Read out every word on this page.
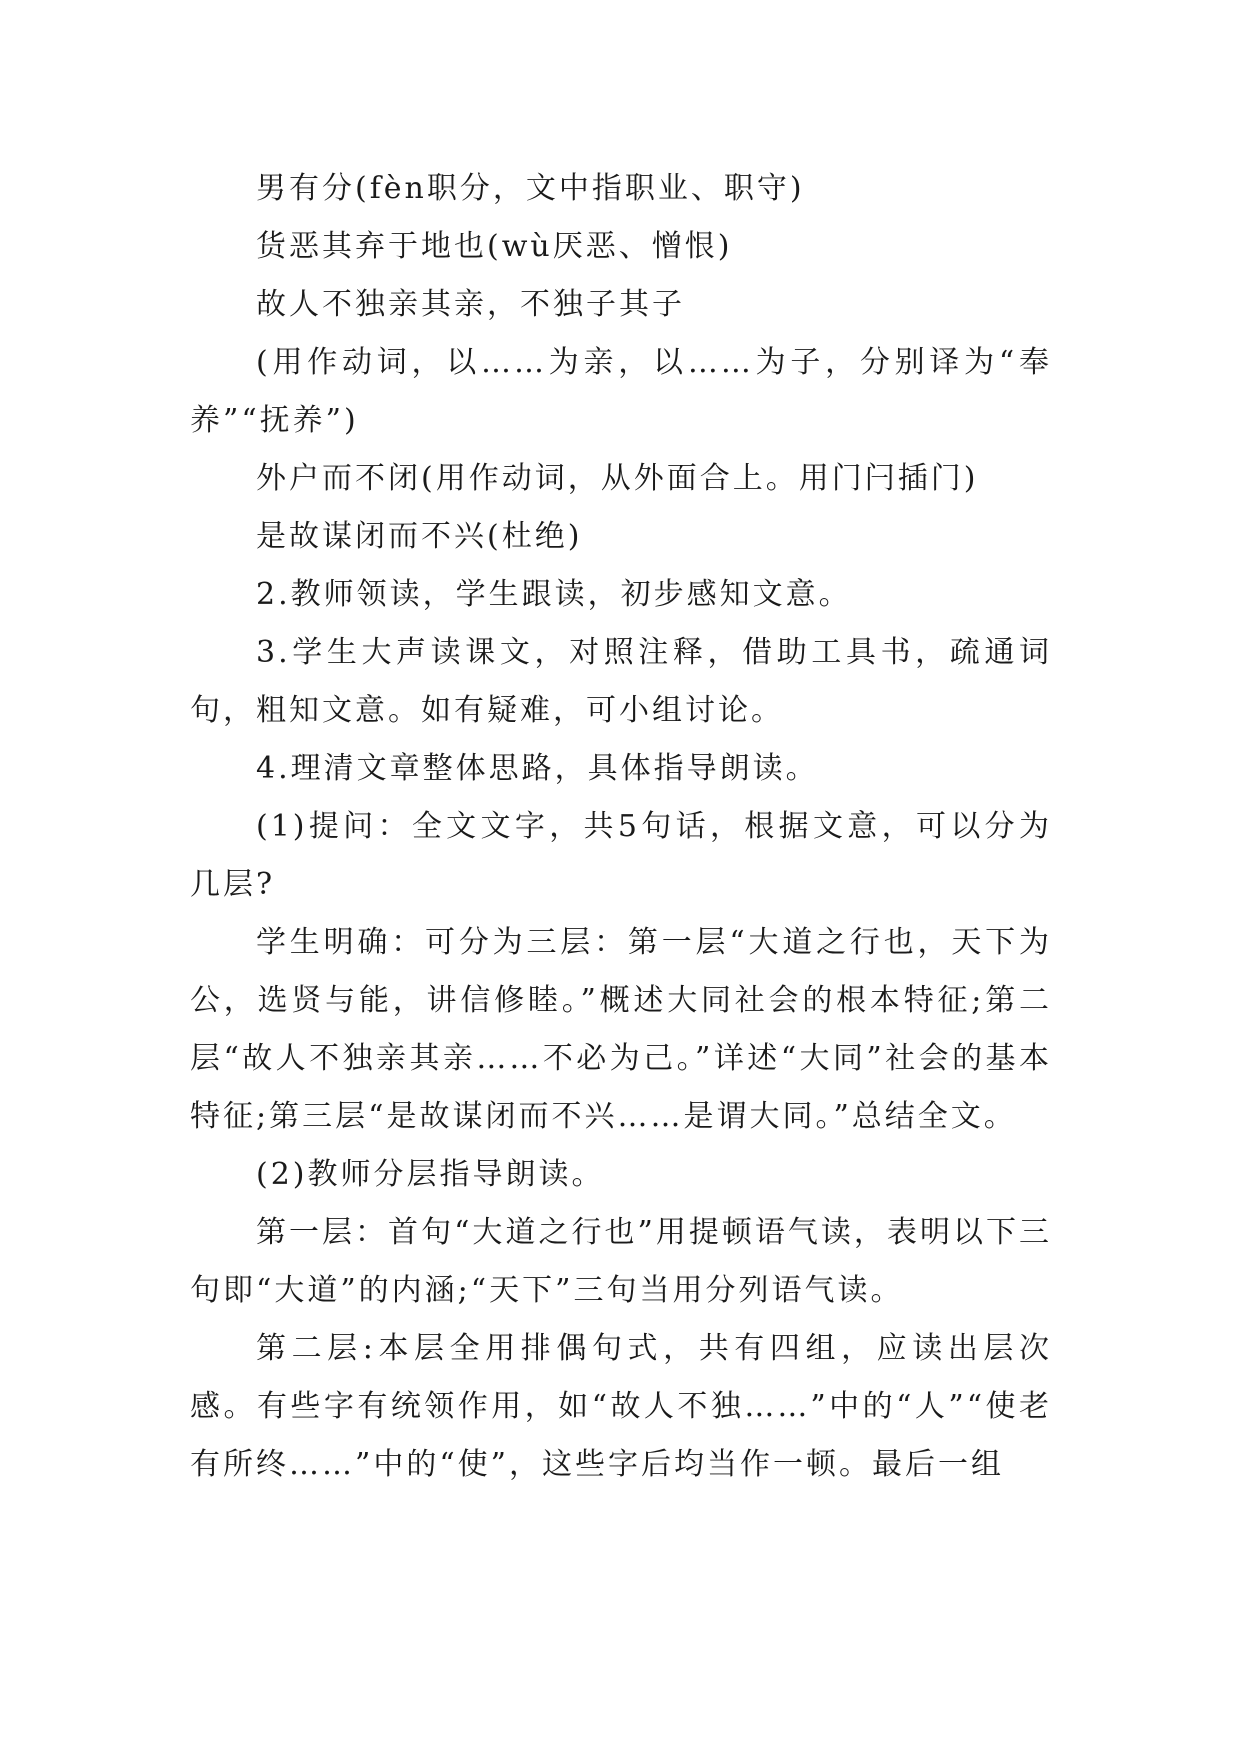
男有分(fèn职分，文中指职业、职守)

货恶其弃于地也(wù厌恶、憎恨)

故人不独亲其亲，不独子其子

(用作动词，以……为亲，以……为子，分别译为“奉养”“抚养”)

外户而不闭(用作动词，从外面合上。用门闩插门)

是故谋闭而不兴(杜绝)

2.教师领读，学生跟读，初步感知文意。

3.学生大声读课文，对照注释，借助工具书，疏通词句，粗知文意。如有疑难，可小组讨论。

4.理清文章整体思路，具体指导朗读。

(1)提问：全文文字，共5句话，根据文意，可以分为几层?

学生明确：可分为三层：第一层“大道之行也，天下为公，选贤与能，讲信修睦。”概述大同社会的根本特征;第二层“故人不独亲其亲……不必为己。”详述“大同”社会的基本特征;第三层“是故谋闭而不兴……是谓大同。”总结全文。

(2)教师分层指导朗读。

第一层：首句“大道之行也”用提顿语气读，表明以下三句即“大道”的内涵;“天下”三句当用分列语气读。

第二层:本层全用排偶句式，共有四组，应读出层次感。有些字有统领作用，如“故人不独……”中的“人”“使老有所终……”中的“使”，这些字后均当作一顿。最后一组
